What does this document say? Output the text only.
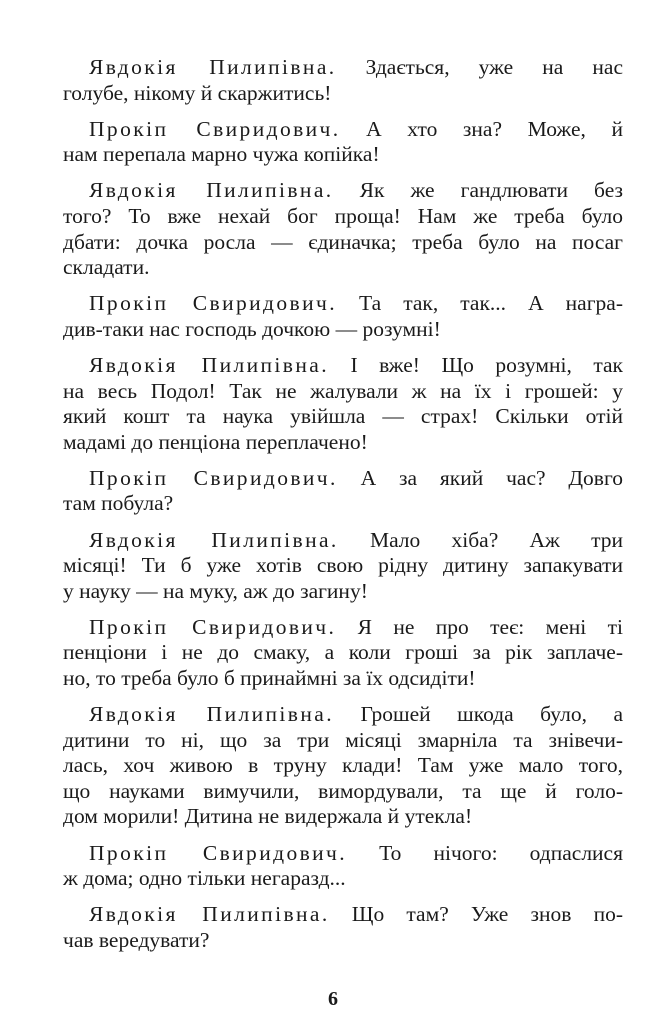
Явдокія Пилипівна. Здається, уже на нас
голубе, нікому й скаржитись!
Прокіп Свиридович. А хто зна? Може, й
нам перепала марно чужа копійка!
Явдокія Пилипівна. Як же гандлювати без
того? То вже нехай бог проща! Нам же треба було
дбати: дочка росла — єдиначка; треба було на посаг
складати.
Прокіп Свиридович. Та так, так... А награ-
див-таки нас господь дочкою — розумні!
Явдокія Пилипівна. І вже! Що розумні, так
на весь Подол! Так не жалували ж на їх і грошей: у
який кошт та наука увійшла — страх! Скільки отій
мадамі до пенціона переплачено!
Прокіп Свиридович. А за який час? Довго
там побула?
Явдокія Пилипівна. Мало хіба? Аж три
місяці! Ти б уже хотів свою рідну дитину запакувати
у науку — на муку, аж до загину!
Прокіп Свиридович. Я не про теє: мені ті
пенціони і не до смаку, а коли гроші за рік заплаче-
но, то треба було б принаймні за їх одсидіти!
Явдокія Пилипівна. Грошей шкода було, а
дитини то ні, що за три місяці змарніла та знівечи-
лась, хоч живою в труну клади! Там уже мало того,
що науками вимучили, вимордували, та ще й голо-
дом морили! Дитина не видержала й утекла!
Прокіп Свиридович. То нічого: одпаслися
ж дома; одно тільки негаразд...
Явдокія Пилипівна. Що там? Уже знов по-
чав вередувати?
6
